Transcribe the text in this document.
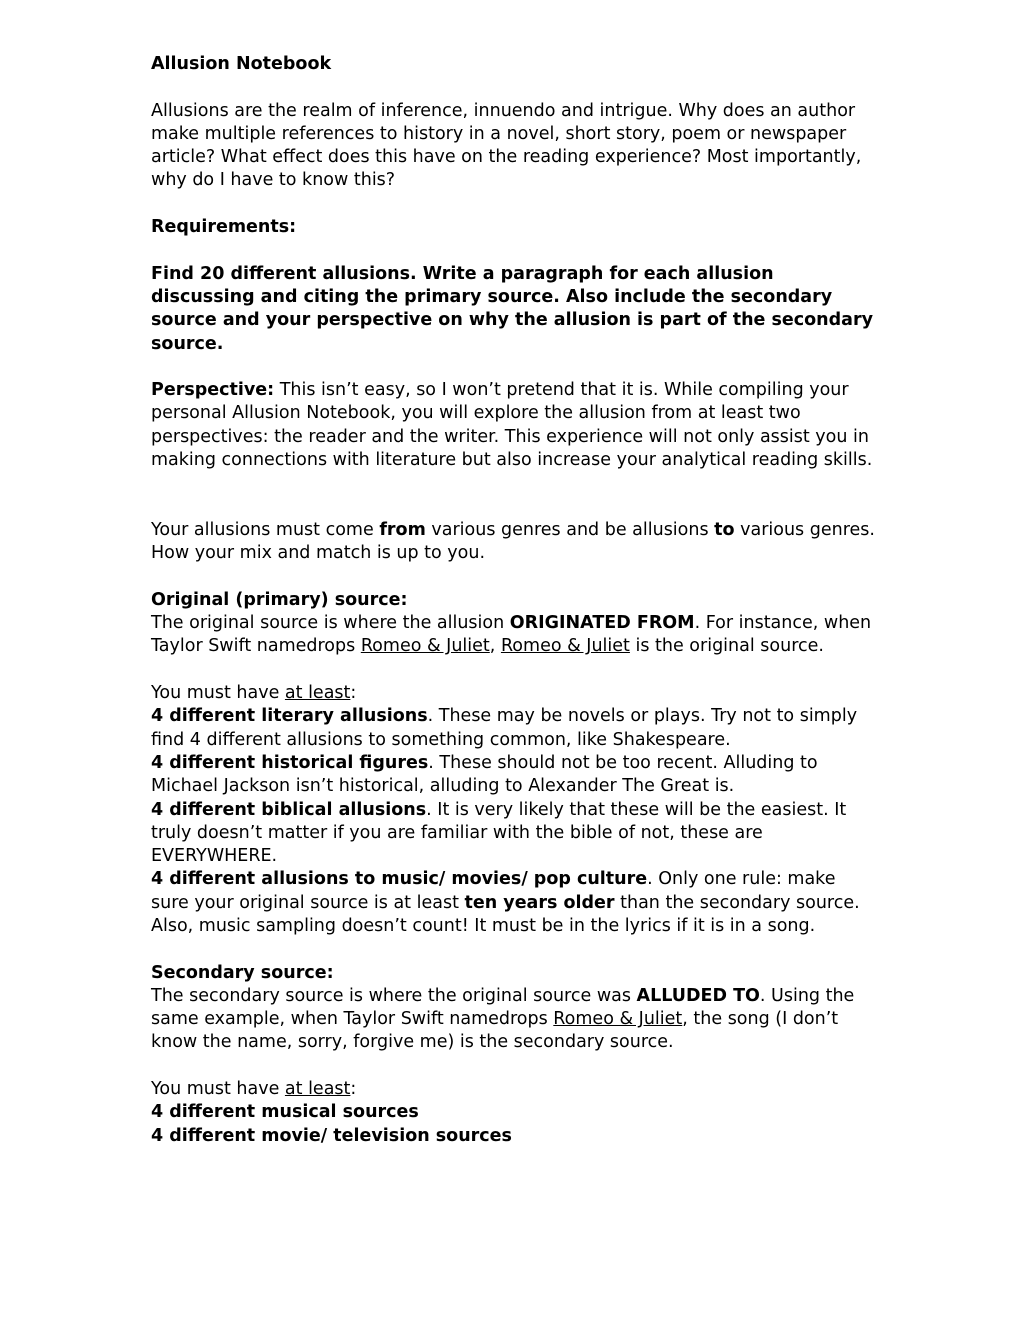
Allusion Notebook

Allusions are the realm of inference, innuendo and intrigue. Why does an author make multiple references to history in a novel, short story, poem or newspaper article? What effect does this have on the reading experience? Most importantly, why do I have to know this?

Requirements:

Find 20 different allusions. Write a paragraph for each allusion discussing and citing the primary source. Also include the secondary source and your perspective on why the allusion is part of the secondary source.

Perspective: This isn’t easy, so I won’t pretend that it is. While compiling your personal Allusion Notebook, you will explore the allusion from at least two perspectives: the reader and the writer. This experience will not only assist you in making connections with literature but also increase your analytical reading skills.

Your allusions must come from various genres and be allusions to various genres. How your mix and match is up to you.

Original (primary) source:

The original source is where the allusion ORIGINATED FROM. For instance, when Taylor Swift namedrops Romeo & Juliet, Romeo & Juliet is the original source.

You must have at least:

4 different literary allusions. These may be novels or plays. Try not to simply find 4 different allusions to something common, like Shakespeare.

4 different historical figures. These should not be too recent. Alluding to Michael Jackson isn’t historical, alluding to Alexander The Great is.

4 different biblical allusions. It is very likely that these will be the easiest. It truly doesn’t matter if you are familiar with the bible of not, these are EVERYWHERE.

4 different allusions to music/ movies/ pop culture. Only one rule: make sure your original source is at least ten years older than the secondary source. Also, music sampling doesn’t count! It must be in the lyrics if it is in a song.

Secondary source:

The secondary source is where the original source was ALLUDED TO. Using the same example, when Taylor Swift namedrops Romeo & Juliet, the song (I don’t know the name, sorry, forgive me) is the secondary source.

You must have at least:

4 different musical sources

4 different movie/ television sources
